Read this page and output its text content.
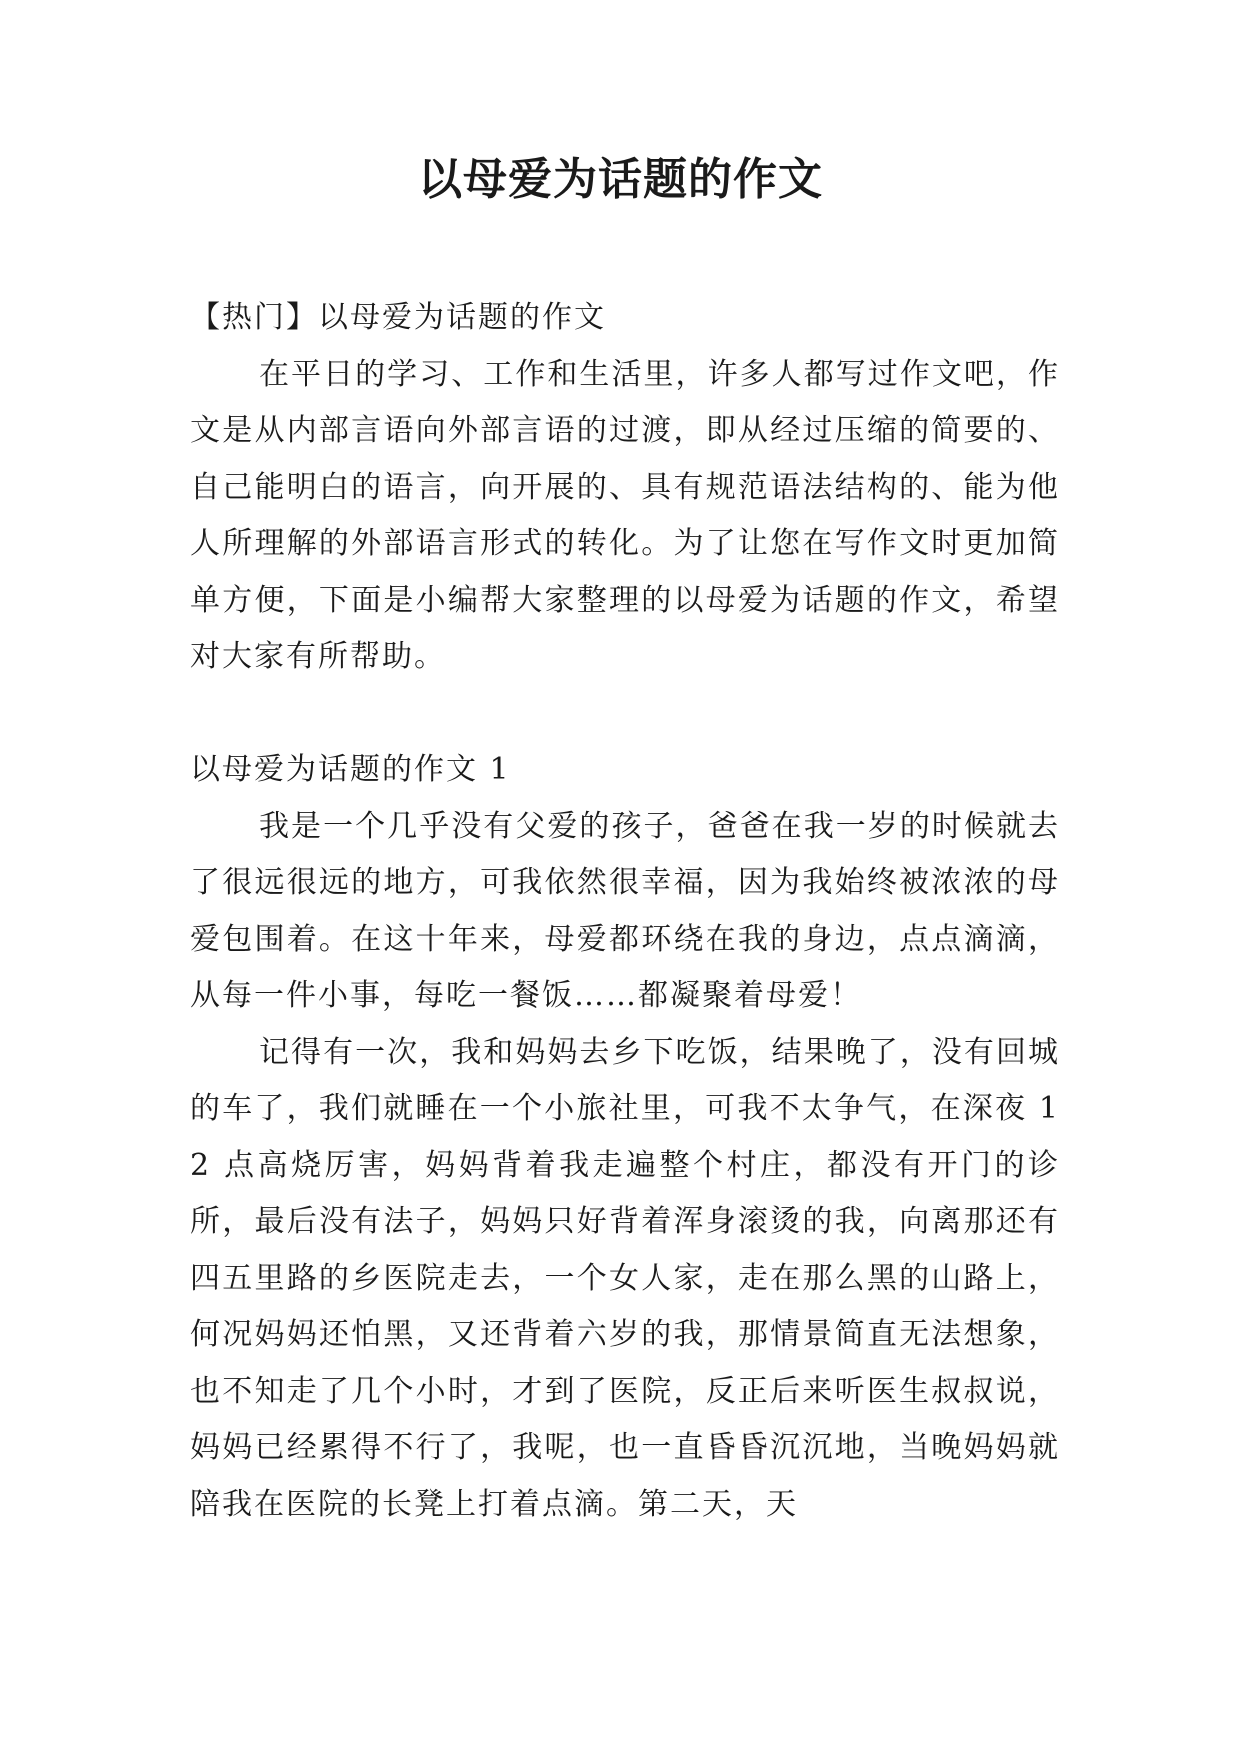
以母爱为话题的作文

【热门】以母爱为话题的作文

在平日的学习、工作和生活里，许多人都写过作文吧，作文是从内部言语向外部言语的过渡，即从经过压缩的简要的、自己能明白的语言，向开展的、具有规范语法结构的、能为他人所理解的外部语言形式的转化。为了让您在写作文时更加简单方便，下面是小编帮大家整理的以母爱为话题的作文，希望对大家有所帮助。

以母爱为话题的作文 1

我是一个几乎没有父爱的孩子，爸爸在我一岁的时候就去了很远很远的地方，可我依然很幸福，因为我始终被浓浓的母爱包围着。在这十年来，母爱都环绕在我的身边，点点滴滴，从每一件小事，每吃一餐饭……都凝聚着母爱！

记得有一次，我和妈妈去乡下吃饭，结果晚了，没有回城的车了，我们就睡在一个小旅社里，可我不太争气，在深夜 12 点高烧厉害，妈妈背着我走遍整个村庄，都没有开门的诊所，最后没有法子，妈妈只好背着浑身滚烫的我，向离那还有四五里路的乡医院走去，一个女人家，走在那么黑的山路上，何况妈妈还怕黑，又还背着六岁的我，那情景简直无法想象，也不知走了几个小时，才到了医院，反正后来听医生叔叔说，妈妈已经累得不行了，我呢，也一直昏昏沉沉地，当晚妈妈就陪我在医院的长凳上打着点滴。第二天，天
